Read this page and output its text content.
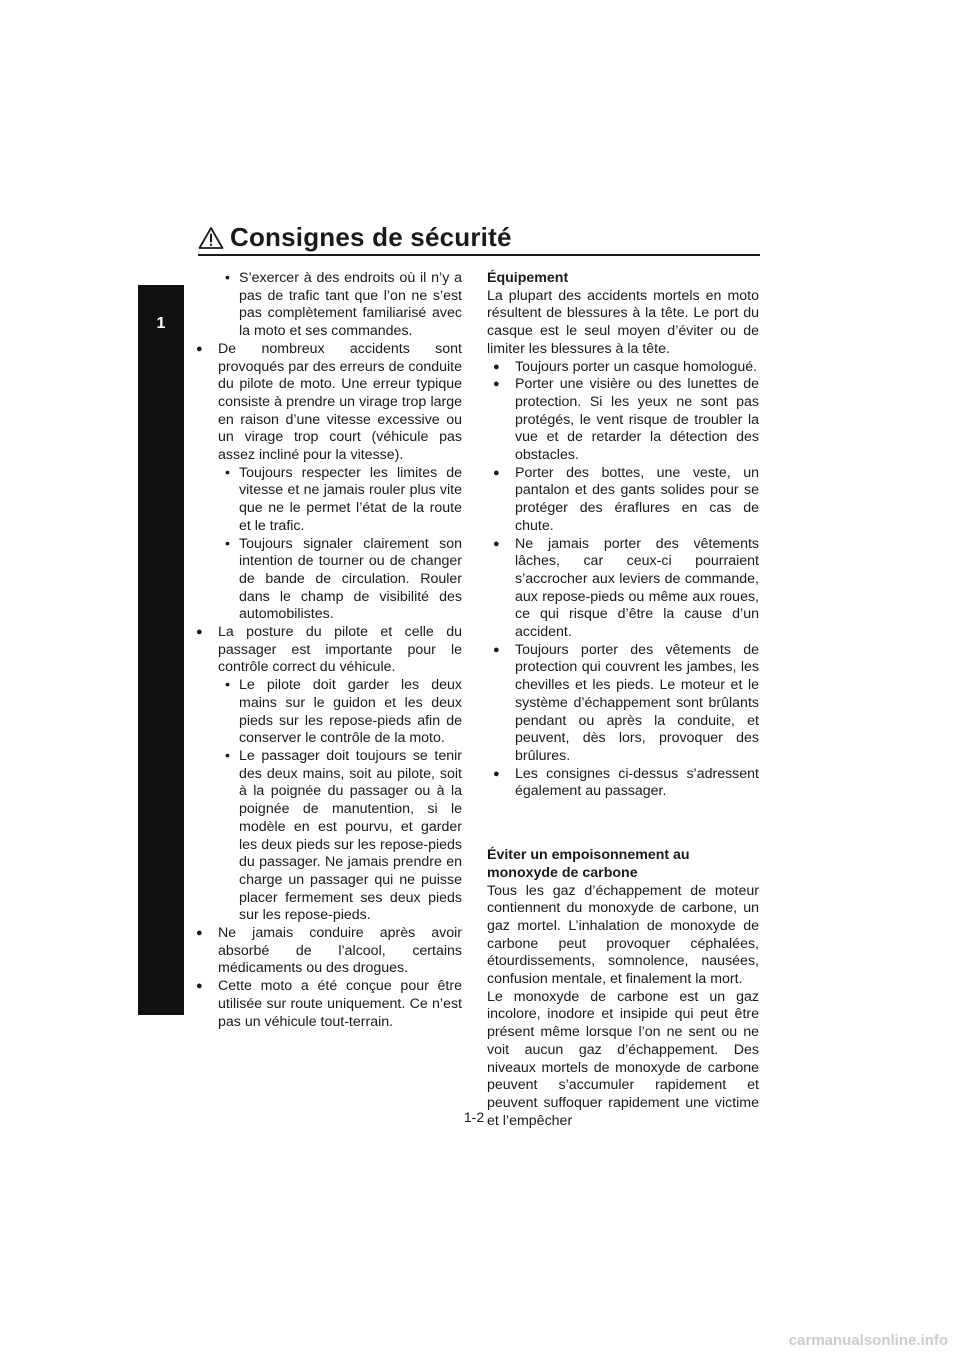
Consignes de sécurité
1

• S’exercer à des endroits où il n’y a pas de trafic tant que l’on ne s’est pas complètement familiarisé avec la moto et ses commandes.

● De nombreux accidents sont provoqués par des erreurs de conduite du pilote de moto. Une erreur typique consiste à prendre un virage trop large en raison d’une vitesse excessive ou un virage trop court (véhicule pas assez incliné pour la vitesse).

• Toujours respecter les limites de vitesse et ne jamais rouler plus vite que ne le permet l’état de la route et le trafic.

• Toujours signaler clairement son intention de tourner ou de changer de bande de circulation. Rouler dans le champ de visibilité des automobilistes.

● La posture du pilote et celle du passager est importante pour le contrôle correct du véhicule.

• Le pilote doit garder les deux mains sur le guidon et les deux pieds sur les repose-pieds afin de conserver le contrôle de la moto.

• Le passager doit toujours se tenir des deux mains, soit au pilote, soit à la poignée du passager ou à la poignée de manutention, si le modèle en est pourvu, et garder les deux pieds sur les repose-pieds du passager. Ne jamais prendre en charge un passager qui ne puisse placer fermement ses deux pieds sur les repose-pieds.

● Ne jamais conduire après avoir absorbé de l’alcool, certains médicaments ou des drogues.

● Cette moto a été conçue pour être utilisée sur route uniquement. Ce n’est pas un véhicule tout-terrain.

Équipement

La plupart des accidents mortels en moto résultent de blessures à la tête. Le port du casque est le seul moyen d’éviter ou de limiter les blessures à la tête.

● Toujours porter un casque homologué.

● Porter une visière ou des lunettes de protection. Si les yeux ne sont pas protégés, le vent risque de troubler la vue et de retarder la détection des obstacles.

● Porter des bottes, une veste, un pantalon et des gants solides pour se protéger des éraflures en cas de chute.

● Ne jamais porter des vêtements lâches, car ceux-ci pourraient s’accrocher aux leviers de commande, aux repose-pieds ou même aux roues, ce qui risque d’être la cause d’un accident.

● Toujours porter des vêtements de protection qui couvrent les jambes, les chevilles et les pieds. Le moteur et le système d’échappement sont brûlants pendant ou après la conduite, et peuvent, dès lors, provoquer des brûlures.

● Les consignes ci-dessus s’adressent également au passager.

Éviter un empoisonnement au monoxyde de carbone

Tous les gaz d’échappement de moteur contiennent du monoxyde de carbone, un gaz mortel. L’inhalation de monoxyde de carbone peut provoquer céphalées, étourdissements, somnolence, nausées, confusion mentale, et finalement la mort.

Le monoxyde de carbone est un gaz incolore, inodore et insipide qui peut être présent même lorsque l’on ne sent ou ne voit aucun gaz d’échappement. Des niveaux mortels de monoxyde de carbone peuvent s’accumuler rapidement et peuvent suffoquer rapidement une victime et l’empêcher

1-2
carmanualsonline.info
